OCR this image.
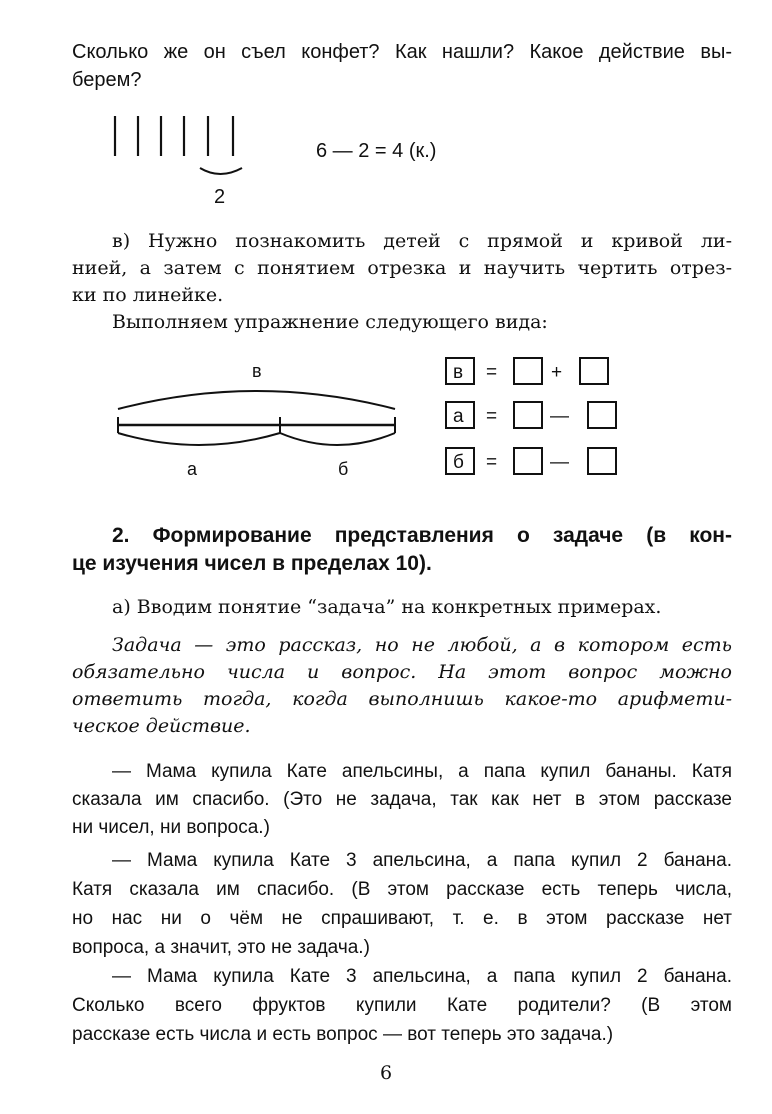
Сколько же он съел конфет? Как нашли? Какое действие вы-
берем?
2
6 — 2 = 4 (к.)
в) Нужно познакомить детей с прямой и кривой ли-
нией, а затем с понятием отрезка и научить чертить отрез-
ки по линейке.
Выполняем упражнение следующего вида:
в
а	б
в =	+
а =	—
б =	—
2. Формирование представления о задаче (в кон-
це изучения чисел в пределах 10).
а) Вводим понятие “задача” на конкретных примерах.
Задача — это рассказ, но не любой, а в котором есть
обязательно числа и вопрос. На этот вопрос можно
ответить тогда, когда выполнишь какое-то арифмети-
ческое действие.
— Мама купила Кате апельсины, а папа купил бананы. Катя
сказала им спасибо. (Это не задача, так как нет в этом рассказе
ни чисел, ни вопроса.)
— Мама купила Кате 3 апельсина, а папа купил 2 банана.
Катя сказала им спасибо. (В этом рассказе есть теперь числа,
но нас ни о чём не спрашивают, т. е. в этом рассказе нет
вопроса, а значит, это не задача.)
— Мама купила Кате 3 апельсина, а папа купил 2 банана.
Сколько всего фруктов купили Кате родители? (В этом
рассказе есть числа и есть вопрос — вот теперь это задача.)
6
